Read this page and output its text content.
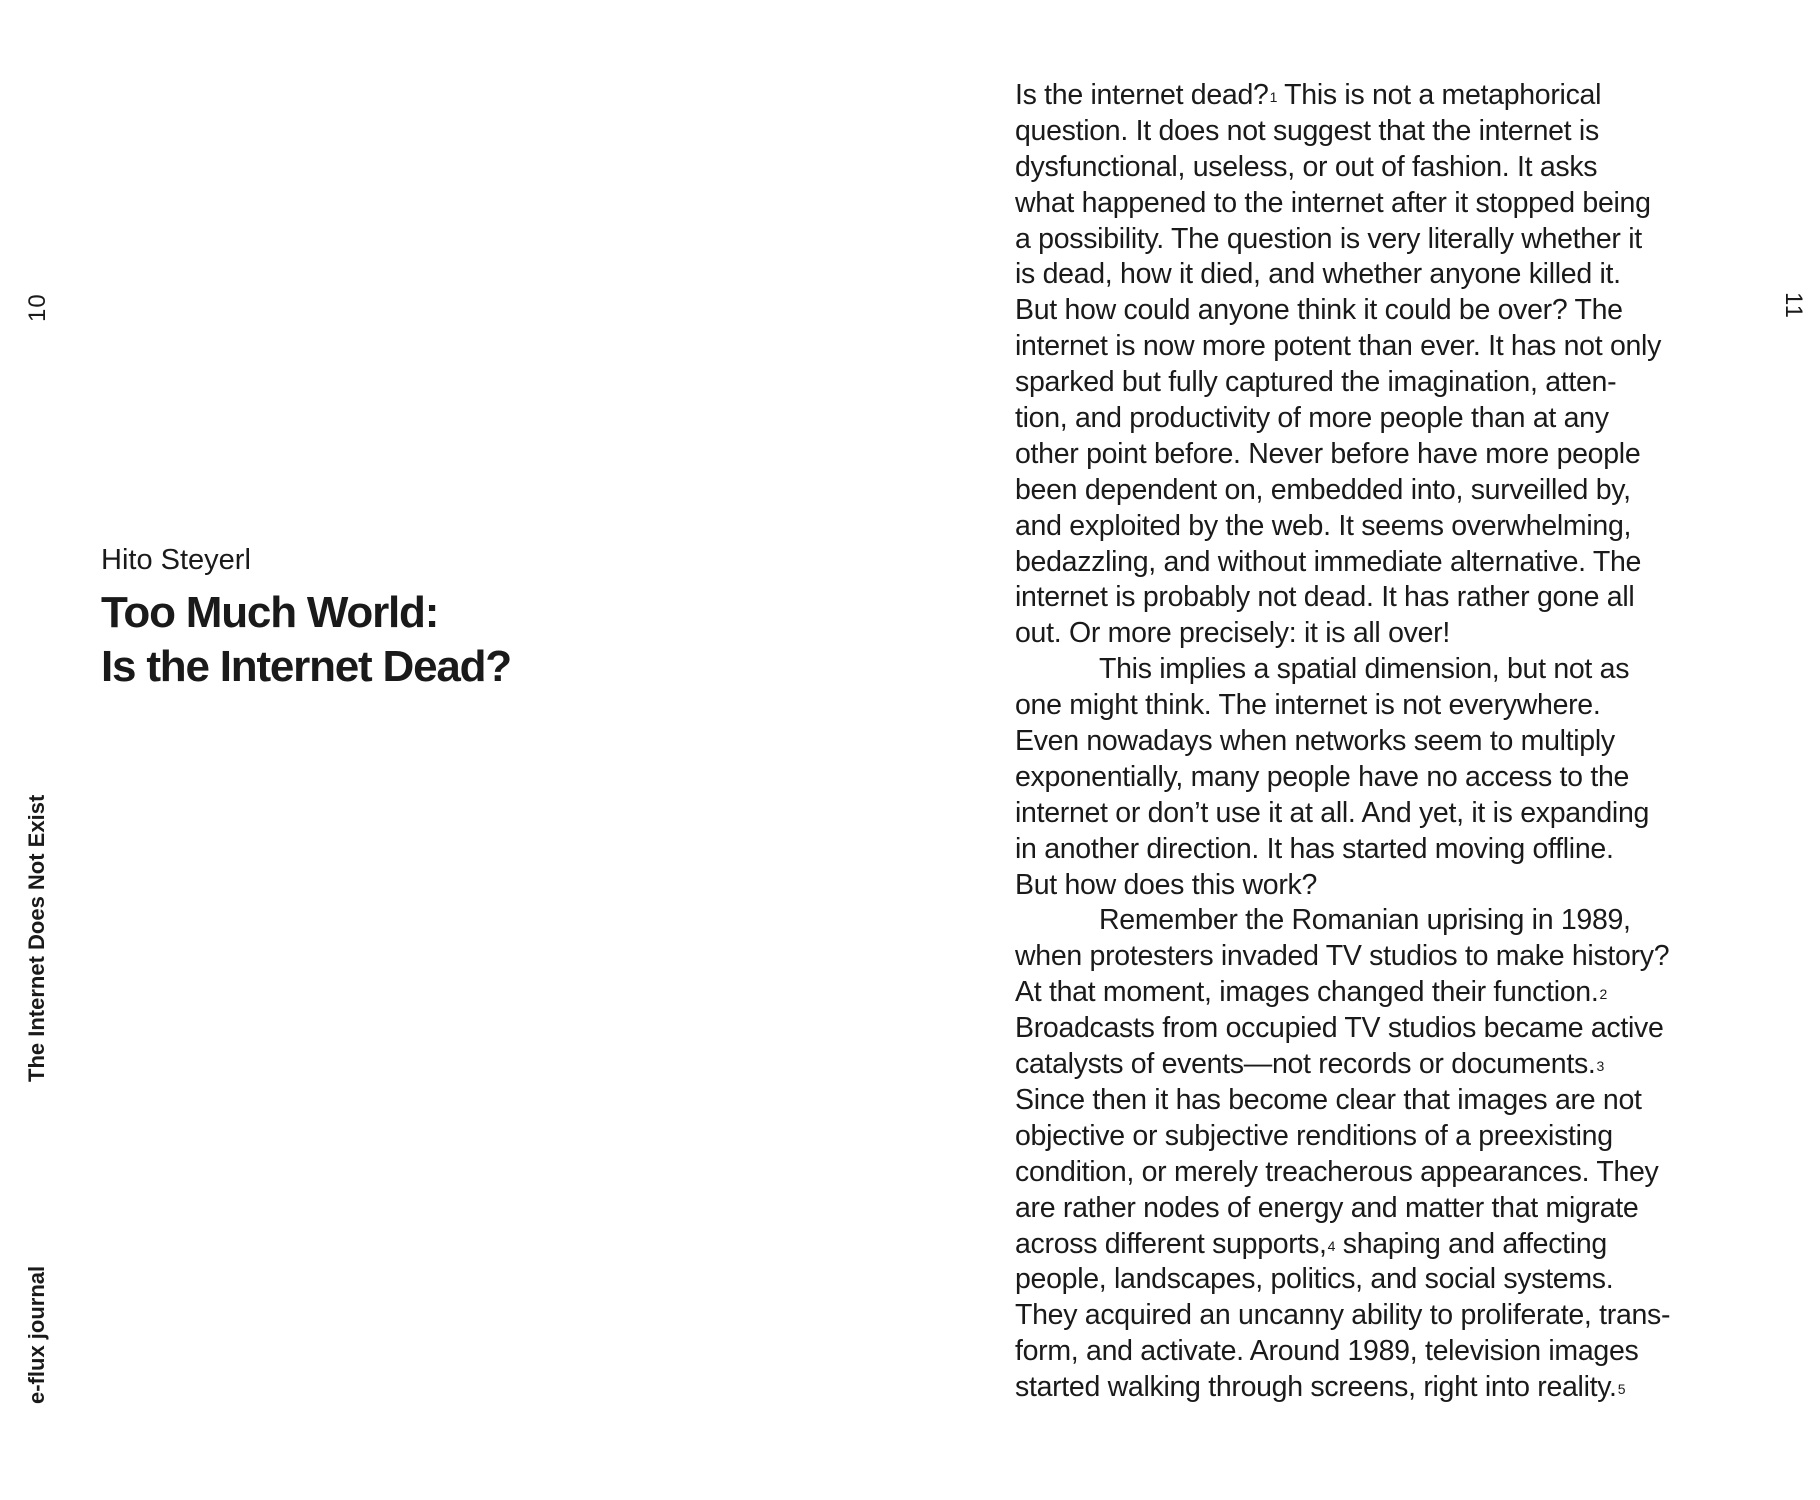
10
The Internet Does Not Exist
e-flux journal
Hito Steyerl
Too Much World:
Is the Internet Dead?
11
Is the internet dead?$^1$ This is not a metaphorical
question. It does not suggest that the internet is
dysfunctional, useless, or out of fashion. It asks
what happened to the internet after it stopped being
a possibility. The question is very literally whether it
is dead, how it died, and whether anyone killed it.
But how could anyone think it could be over? The
internet is now more potent than ever. It has not only
sparked but fully captured the imagination, atten-
tion, and productivity of more people than at any
other point before. Never before have more people
been dependent on, embedded into, surveilled by,
and exploited by the web. It seems overwhelming,
bedazzling, and without immediate alternative. The
internet is probably not dead. It has rather gone all
out. Or more precisely: it is all over!
This implies a spatial dimension, but not as
one might think. The internet is not everywhere.
Even nowadays when networks seem to multiply
exponentially, many people have no access to the
internet or don’t use it at all. And yet, it is expanding
in another direction. It has started moving offline.
But how does this work?
Remember the Romanian uprising in 1989,
when protesters invaded TV studios to make history?
At that moment, images changed their function.$^2$
Broadcasts from occupied TV studios became active
catalysts of events—not records or documents.$^3$
Since then it has become clear that images are not
objective or subjective renditions of a preexisting
condition, or merely treacherous appearances. They
are rather nodes of energy and matter that migrate
across different supports,$^4$ shaping and affecting
people, landscapes, politics, and social systems.
They acquired an uncanny ability to proliferate, trans-
form, and activate. Around 1989, television images
started walking through screens, right into reality.$^5$
